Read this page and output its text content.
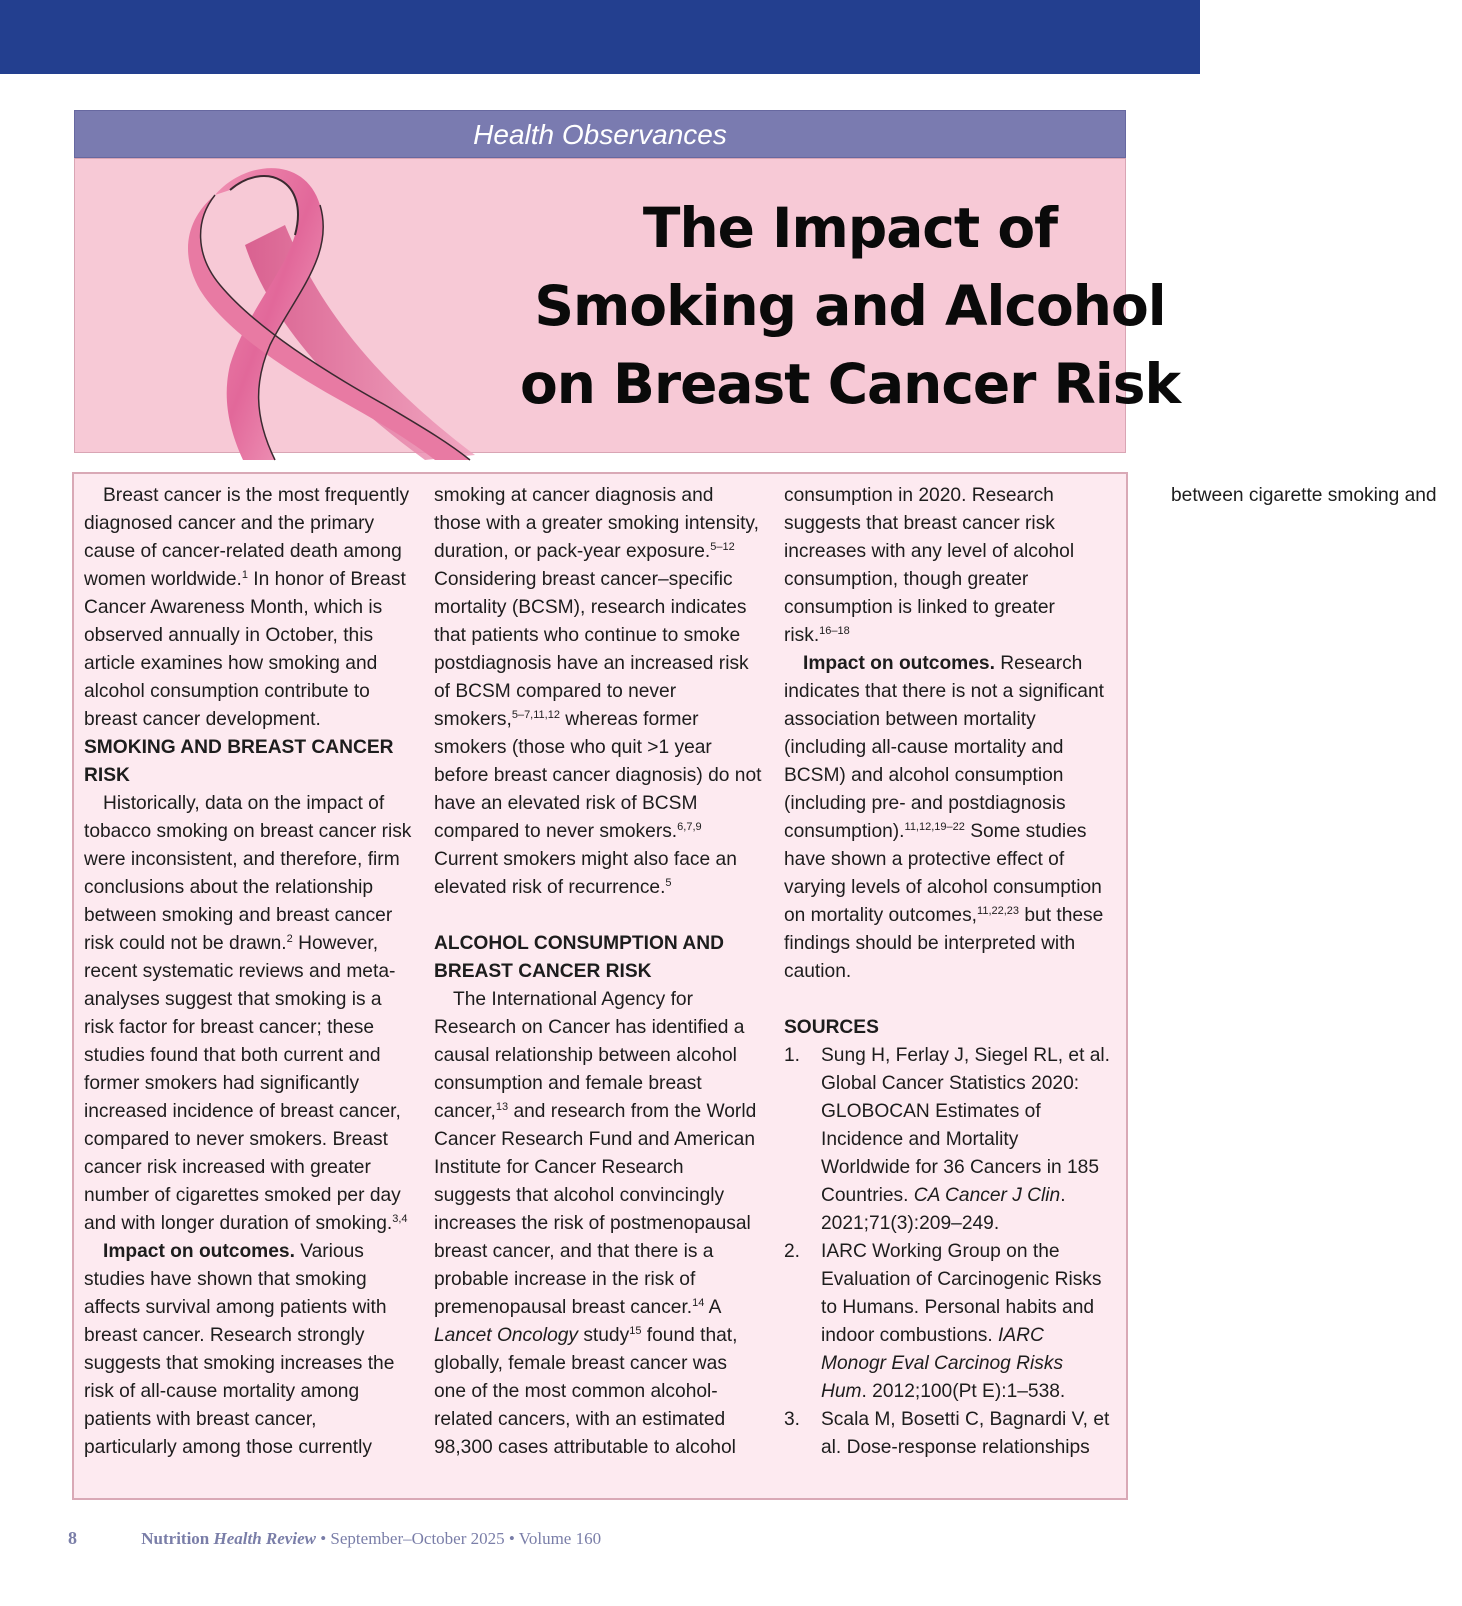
Health Observances
The Impact of
Smoking and Alcohol
on Breast Cancer Risk

Breast cancer is the most frequently diagnosed cancer and the primary cause of cancer-related death among women worldwide.$^1$ In honor of Breast Cancer Awareness Month, which is observed annually in October, this article examines how smoking and alcohol consumption contribute to breast cancer development.

SMOKING AND BREAST CANCER RISK

Historically, data on the impact of tobacco smoking on breast cancer risk were inconsistent, and therefore, firm conclusions about the relationship between smoking and breast cancer risk could not be drawn.$^2$ However, recent systematic reviews and meta-analyses suggest that smoking is a risk factor for breast cancer; these studies found that both current and former smokers had significantly increased incidence of breast cancer, compared to never smokers. Breast cancer risk increased with greater number of cigarettes smoked per day and with longer duration of smoking.$^{3,4}$

Impact on outcomes. Various studies have shown that smoking affects survival among patients with breast cancer. Research strongly suggests that smoking increases the risk of all-cause mortality among patients with breast cancer, particularly among those currently smoking at cancer diagnosis and those with a greater smoking intensity, duration, or pack-year exposure.$^{5-12}$ Considering breast cancer–specific mortality (BCSM), research indicates that patients who continue to smoke postdiagnosis have an increased risk of BCSM compared to never smokers,$^{5-7,11,12}$ whereas former smokers (those who quit >1 year before breast cancer diagnosis) do not have an elevated risk of BCSM compared to never smokers.$^{6,7,9}$ Current smokers might also face an elevated risk of recurrence.$^5$

ALCOHOL CONSUMPTION AND BREAST CANCER RISK

The International Agency for Research on Cancer has identified a causal relationship between alcohol consumption and female breast cancer,$^{13}$ and research from the World Cancer Research Fund and American Institute for Cancer Research suggests that alcohol convincingly increases the risk of postmenopausal breast cancer, and that there is a probable increase in the risk of premenopausal breast cancer.$^{14}$ A Lancet Oncology study$^{15}$ found that, globally, female breast cancer was one of the most common alcohol-related cancers, with an estimated 98,300 cases attributable to alcohol consumption in 2020. Research suggests that breast cancer risk increases with any level of alcohol consumption, though greater consumption is linked to greater risk.$^{16-18}$

Impact on outcomes. Research indicates that there is not a significant association between mortality (including all-cause mortality and BCSM) and alcohol consumption (including pre- and postdiagnosis consumption).$^{11,12,19-22}$ Some studies have shown a protective effect of varying levels of alcohol consumption on mortality outcomes,$^{11,22,23}$ but these findings should be interpreted with caution.

SOURCES
1. Sung H, Ferlay J, Siegel RL, et al. Global Cancer Statistics 2020: GLOBOCAN Estimates of Incidence and Mortality Worldwide for 36 Cancers in 185 Countries. CA Cancer J Clin. 2021;71(3):209–249.
2. IARC Working Group on the Evaluation of Carcinogenic Risks to Humans. Personal habits and indoor combustions. IARC Monogr Eval Carcinog Risks Hum. 2012;100(Pt E):1–538.
3. Scala M, Bosetti C, Bagnardi V, et al. Dose-response relationships between cigarette smoking and
8	Nutrition Health Review • September–October 2025 • Volume 160
